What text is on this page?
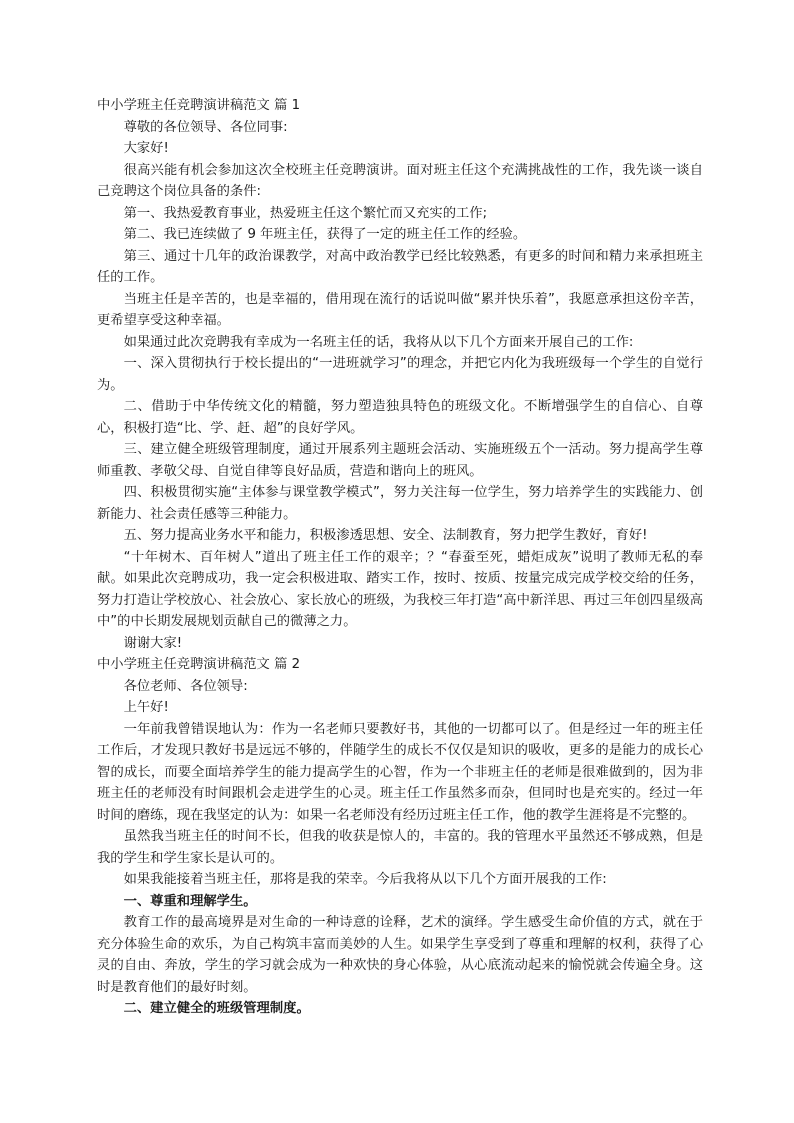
中小学班主任竞聘演讲稿范文 篇 1

尊敬的各位领导、各位同事:

大家好!

很高兴能有机会参加这次全校班主任竞聘演讲。面对班主任这个充满挑战性的工作，我先谈一谈自己竞聘这个岗位具备的条件:

第一、我热爱教育事业，热爱班主任这个繁忙而又充实的工作;

第二、我已连续做了 9 年班主任，获得了一定的班主任工作的经验。

第三、通过十几年的政治课教学，对高中政治教学已经比较熟悉，有更多的时间和精力来承担班主任的工作。

当班主任是辛苦的，也是幸福的，借用现在流行的话说叫做“累并快乐着”，我愿意承担这份辛苦，更希望享受这种幸福。

如果通过此次竞聘我有幸成为一名班主任的话，我将从以下几个方面来开展自己的工作:

一、深入贯彻执行于校长提出的“一进班就学习”的理念，并把它内化为我班级每一个学生的自觉行为。

二、借助于中华传统文化的精髓，努力塑造独具特色的班级文化。不断增强学生的自信心、自尊心，积极打造“比、学、赶、超”的良好学风。

三、建立健全班级管理制度，通过开展系列主题班会活动、实施班级五个一活动。努力提高学生尊师重教、孝敬父母、自觉自律等良好品质，营造和谐向上的班风。

四、积极贯彻实施“主体参与课堂教学模式”，努力关注每一位学生，努力培养学生的实践能力、创新能力、社会责任感等三种能力。

五、努力提高业务水平和能力，积极渗透思想、安全、法制教育，努力把学生教好，育好!

“十年树木、百年树人”道出了班主任工作的艰辛；？“春蚕至死，蜡炬成灰”说明了教师无私的奉献。如果此次竞聘成功，我一定会积极进取、踏实工作，按时、按质、按量完成完成学校交给的任务，努力打造让学校放心、社会放心、家长放心的班级，为我校三年打造“高中新洋思、再过三年创四星级高中”的中长期发展规划贡献自己的微薄之力。

谢谢大家!

中小学班主任竞聘演讲稿范文 篇 2

各位老师、各位领导:

上午好!

一年前我曾错误地认为：作为一名老师只要教好书，其他的一切都可以了。但是经过一年的班主任工作后，才发现只教好书是远远不够的，伴随学生的成长不仅仅是知识的吸收，更多的是能力的成长心智的成长，而要全面培养学生的能力提高学生的心智，作为一个非班主任的老师是很难做到的，因为非班主任的老师没有时间跟机会走进学生的心灵。班主任工作虽然多而杂，但同时也是充实的。经过一年时间的磨练，现在我坚定的认为：如果一名老师没有经历过班主任工作，他的教学生涯将是不完整的。

虽然我当班主任的时间不长，但我的收获是惊人的，丰富的。我的管理水平虽然还不够成熟，但是我的学生和学生家长是认可的。

如果我能接着当班主任，那将是我的荣幸。今后我将从以下几个方面开展我的工作:

一、尊重和理解学生。

教育工作的最高境界是对生命的一种诗意的诠释，艺术的演绎。学生感受生命价值的方式，就在于充分体验生命的欢乐，为自己构筑丰富而美妙的人生。如果学生享受到了尊重和理解的权利，获得了心灵的自由、奔放，学生的学习就会成为一种欢快的身心体验，从心底流动起来的愉悦就会传遍全身。这时是教育他们的最好时刻。

二、建立健全的班级管理制度。
